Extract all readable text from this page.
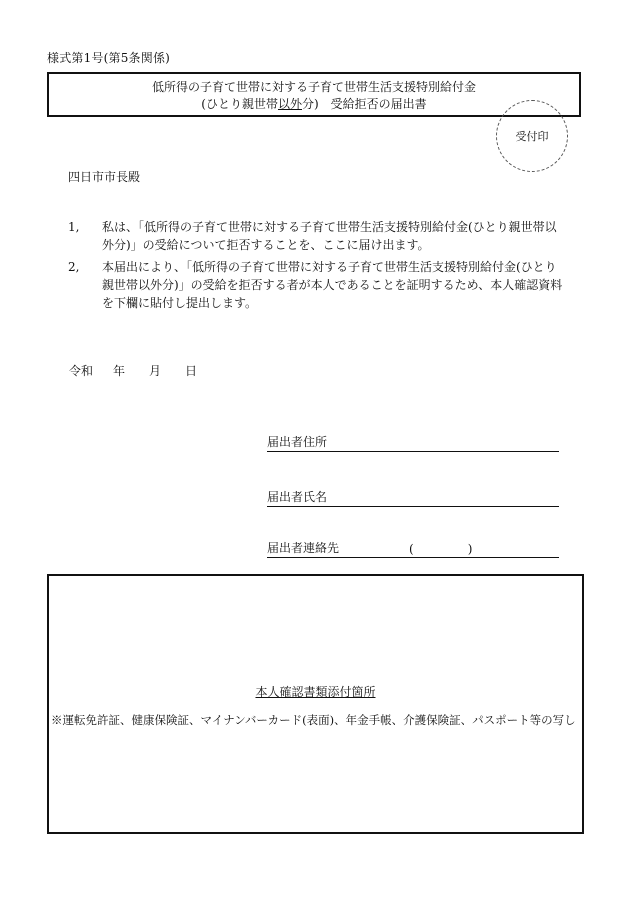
様式第1号(第5条関係)
低所得の子育て世帯に対する子育て世帯生活支援特別給付金
(ひとり親世帯以外分)　受給拒否の届出書
受付印
四日市市長殿
1,	私は、「低所得の子育て世帯に対する子育て世帯生活支援特別給付金(ひとり親世帯以外分)」の受給について拒否することを、ここに届け出ます。
2,	本届出により、「低所得の子育て世帯に対する子育て世帯生活支援特別給付金(ひとり親世帯以外分)」の受給を拒否する者が本人であることを証明するため、本人確認資料を下欄に貼付し提出します。
令和	年	月	日
届出者住所
届出者氏名
届出者連絡先	(	)
本人確認書類添付箇所
※運転免許証、健康保険証、マイナンバーカード(表面)、年金手帳、介護保険証、パスポート等の写し
